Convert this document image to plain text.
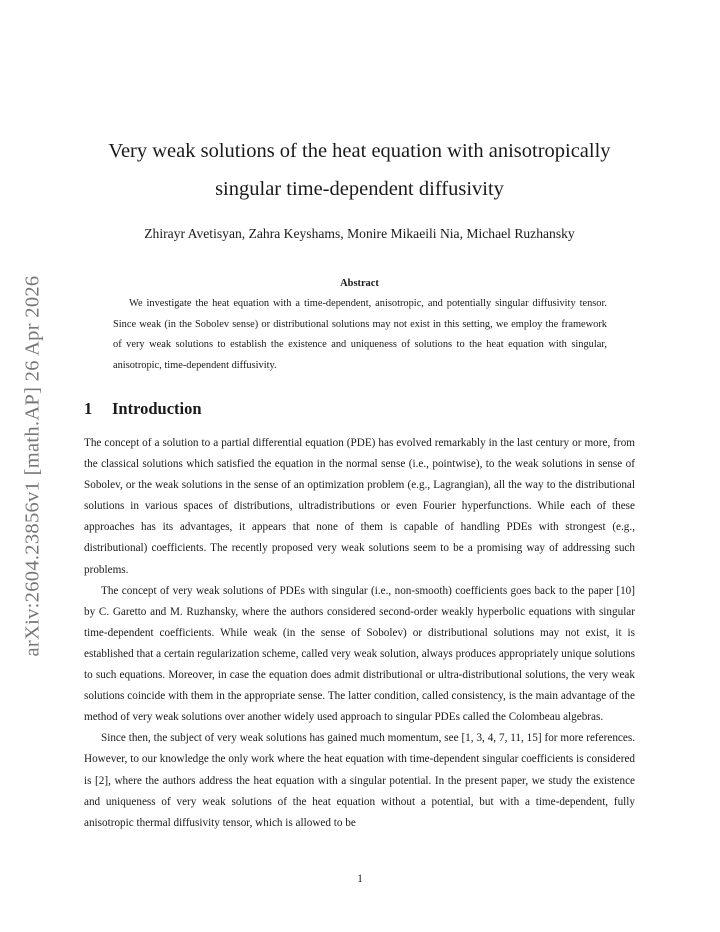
arXiv:2604.23856v1 [math.AP] 26 Apr 2026
Very weak solutions of the heat equation with anisotropically
singular time-dependent diffusivity
Zhirayr Avetisyan, Zahra Keyshams, Monire Mikaeili Nia, Michael Ruzhansky
Abstract

We investigate the heat equation with a time-dependent, anisotropic, and potentially singular diffusivity tensor. Since weak (in the Sobolev sense) or distributional solutions may not exist in this setting, we employ the framework of very weak solutions to establish the existence and uniqueness of solutions to the heat equation with singular, anisotropic, time-dependent diffusivity.

1 Introduction

The concept of a solution to a partial differential equation (PDE) has evolved remarkably in the last century or more, from the classical solutions which satisfied the equation in the normal sense (i.e., pointwise), to the weak solutions in sense of Sobolev, or the weak solutions in the sense of an optimization problem (e.g., Lagrangian), all the way to the distributional solutions in various spaces of distributions, ultradistributions or even Fourier hyperfunctions. While each of these approaches has its advantages, it appears that none of them is capable of handling PDEs with strongest (e.g., distributional) coefficients. The recently proposed very weak solutions seem to be a promising way of addressing such problems.

The concept of very weak solutions of PDEs with singular (i.e., non-smooth) coefficients goes back to the paper [10] by C. Garetto and M. Ruzhansky, where the authors considered second-order weakly hyperbolic equations with singular time-dependent coefficients. While weak (in the sense of Sobolev) or distributional solutions may not exist, it is established that a certain regularization scheme, called very weak solution, always produces appropriately unique solutions to such equations. Moreover, in case the equation does admit distributional or ultra-distributional solutions, the very weak solutions coincide with them in the appropriate sense. The latter condition, called consistency, is the main advantage of the method of very weak solutions over another widely used approach to singular PDEs called the Colombeau algebras.

Since then, the subject of very weak solutions has gained much momentum, see [1, 3, 4, 7, 11, 15] for more references. However, to our knowledge the only work where the heat equation with time-dependent singular coefficients is considered is [2], where the authors address the heat equation with a singular potential. In the present paper, we study the existence and uniqueness of very weak solutions of the heat equation without a potential, but with a time-dependent, fully anisotropic thermal diffusivity tensor, which is allowed to be

1
